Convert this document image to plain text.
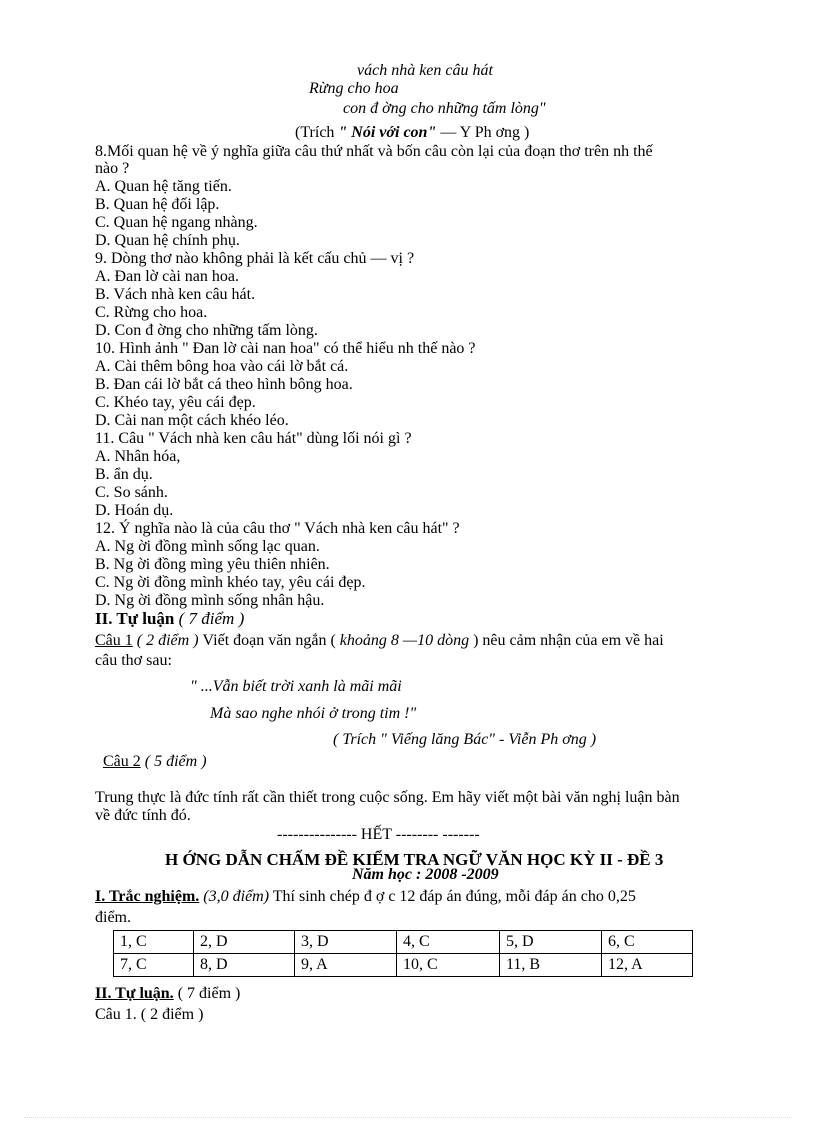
vách nhà ken câu hát
Rừng cho hoa
con đ ờng cho những tấm lòng"
(Trích " Nói với con" — Y Ph ơng )
8.Mối quan hệ về ý nghĩa giữa câu thứ nhất và bốn câu còn lại của đoạn thơ trên nh thế
nào ?
A. Quan hệ tăng tiến.
B. Quan hệ đối lập.
C. Quan hệ ngang nhàng.
D. Quan hệ chính phụ.
9. Dòng thơ nào không phải là kết cấu chủ — vị ?
A. Đan lờ cài nan hoa.
B. Vách nhà ken câu hát.
C. Rừng cho hoa.
D. Con đ ờng cho những tấm lòng.
10. Hình ảnh " Đan lờ cài nan hoa" có thể hiểu nh thế nào ?
A. Cài thêm bông hoa vào cái lờ bắt cá.
B. Đan cái lờ bắt cá theo hình bông hoa.
C. Khéo tay, yêu cái đẹp.
D. Cài nan một cách khéo léo.
11. Câu " Vách nhà ken câu hát" dùng lối nói gì ?
A. Nhân hóa,
B. ẩn dụ.
C. So sánh.
D. Hoán dụ.
12. Ý nghĩa nào là của câu thơ " Vách nhà ken câu hát" ?
A. Ng ời đồng mình sống lạc quan.
B. Ng ời đồng mìng yêu thiên nhiên.
C. Ng ời đồng mình khéo tay, yêu cái đẹp.
D. Ng ời đồng mình sống nhân hậu.
II. Tự luận ( 7 điểm )
Câu 1 ( 2 điểm ) Viết đoạn văn ngắn ( khoảng 8 —10 dòng ) nêu cảm nhận của em về hai
câu thơ sau:
" ...Vẫn biết trời xanh là mãi mãi
Mà sao nghe nhói ở trong tim !"
( Trích " Viếng lăng Bác" - Viễn Ph ơng )
Câu 2 ( 5 điểm )
Trung thực là đức tính rất cần thiết trong cuộc sống. Em hãy viết một bài văn nghị luận bàn
về đức tính đó.
--------------- HẾT -------- -------
H ỚNG DẪN CHẤM ĐỀ KIỂM TRA NGỮ VĂN HỌC KỲ II - ĐỀ 3
Năm học : 2008 -2009
I. Trắc nghiệm. (3,0 điểm) Thí sinh chép đ ợ c 12 đáp án đúng, mỗi đáp án cho 0,25
điểm.
1, C	2, D	3, D	4, C	5, D	6, C
7, C	8, D	9, A	10, C	11, B	12, A
II. Tự luận. ( 7 điểm )
Câu 1. ( 2 điểm )
